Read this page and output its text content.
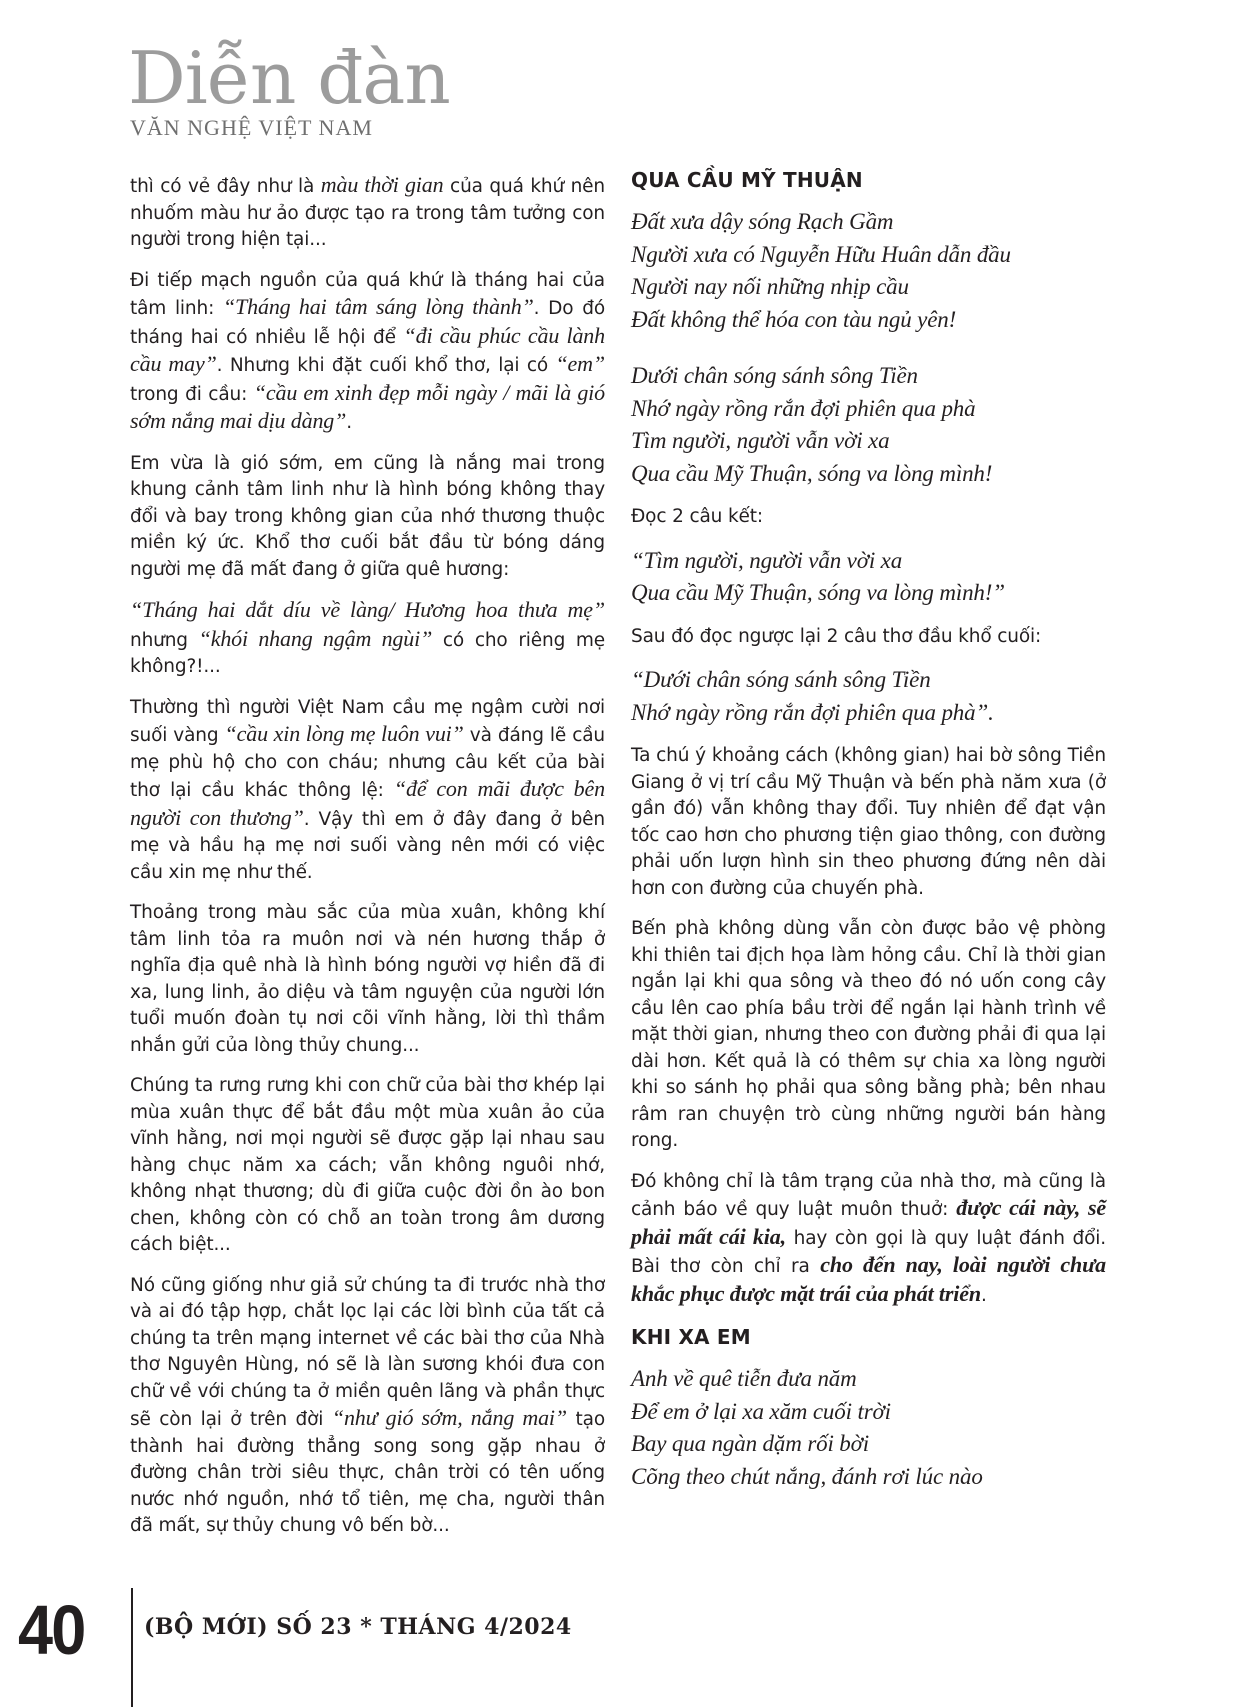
Diễn đàn
VĂN NGHỆ VIỆT NAM

thì có vẻ đây như là màu thời gian của quá khứ nên nhuốm màu hư ảo được tạo ra trong tâm tưởng con người trong hiện tại...

Đi tiếp mạch nguồn của quá khứ là tháng hai của tâm linh: “Tháng hai tâm sáng lòng thành”. Do đó tháng hai có nhiều lễ hội để “đi cầu phúc cầu lành cầu may”. Nhưng khi đặt cuối khổ thơ, lại có “em” trong đi cầu: “cầu em xinh đẹp mỗi ngày / mãi là gió sớm nắng mai dịu dàng”.

Em vừa là gió sớm, em cũng là nắng mai trong khung cảnh tâm linh như là hình bóng không thay đổi và bay trong không gian của nhớ thương thuộc miền ký ức. Khổ thơ cuối bắt đầu từ bóng dáng người mẹ đã mất đang ở giữa quê hương:

“Tháng hai dắt díu về làng/ Hương hoa thưa mẹ” nhưng “khói nhang ngậm ngùi” có cho riêng mẹ không?!...

Thường thì người Việt Nam cầu mẹ ngậm cười nơi suối vàng “cầu xin lòng mẹ luôn vui” và đáng lẽ cầu mẹ phù hộ cho con cháu; nhưng câu kết của bài thơ lại cầu khác thông lệ: “để con mãi được bên người con thương”. Vậy thì em ở đây đang ở bên mẹ và hầu hạ mẹ nơi suối vàng nên mới có việc cầu xin mẹ như thế.

Thoảng trong màu sắc của mùa xuân, không khí tâm linh tỏa ra muôn nơi và nén hương thắp ở nghĩa địa quê nhà là hình bóng người vợ hiền đã đi xa, lung linh, ảo diệu và tâm nguyện của người lớn tuổi muốn đoàn tụ nơi cõi vĩnh hằng, lời thì thầm nhắn gửi của lòng thủy chung...

Chúng ta rưng rưng khi con chữ của bài thơ khép lại mùa xuân thực để bắt đầu một mùa xuân ảo của vĩnh hằng, nơi mọi người sẽ được gặp lại nhau sau hàng chục năm xa cách; vẫn không nguôi nhớ, không nhạt thương; dù đi giữa cuộc đời ồn ào bon chen, không còn có chỗ an toàn trong âm dương cách biệt...

Nó cũng giống như giả sử chúng ta đi trước nhà thơ và ai đó tập hợp, chắt lọc lại các lời bình của tất cả chúng ta trên mạng internet về các bài thơ của Nhà thơ Nguyên Hùng, nó sẽ là làn sương khói đưa con chữ về với chúng ta ở miền quên lãng và phần thực sẽ còn lại ở trên đời “như gió sớm, nắng mai” tạo thành hai đường thẳng song song gặp nhau ở đường chân trời siêu thực, chân trời có tên uống nước nhớ nguồn, nhớ tổ tiên, mẹ cha, người thân đã mất, sự thủy chung vô bến bờ...

QUA CẦU MỸ THUẬN
Đất xưa dậy sóng Rạch Gầm
Người xưa có Nguyễn Hữu Huân dẫn đầu
Người nay nối những nhịp cầu
Đất không thể hóa con tàu ngủ yên!
Dưới chân sóng sánh sông Tiền
Nhớ ngày rồng rắn đợi phiên qua phà
Tìm người, người vẫn vời xa
Qua cầu Mỹ Thuận, sóng va lòng mình!

Đọc 2 câu kết:

“Tìm người, người vẫn vời xa
Qua cầu Mỹ Thuận, sóng va lòng mình!”

Sau đó đọc ngược lại 2 câu thơ đầu khổ cuối:

“Dưới chân sóng sánh sông Tiền
Nhớ ngày rồng rắn đợi phiên qua phà”.

Ta chú ý khoảng cách (không gian) hai bờ sông Tiền Giang ở vị trí cầu Mỹ Thuận và bến phà năm xưa (ở gần đó) vẫn không thay đổi. Tuy nhiên để đạt vận tốc cao hơn cho phương tiện giao thông, con đường phải uốn lượn hình sin theo phương đứng nên dài hơn con đường của chuyến phà.

Bến phà không dùng vẫn còn được bảo vệ phòng khi thiên tai địch họa làm hỏng cầu. Chỉ là thời gian ngắn lại khi qua sông và theo đó nó uốn cong cây cầu lên cao phía bầu trời để ngắn lại hành trình về mặt thời gian, nhưng theo con đường phải đi qua lại dài hơn. Kết quả là có thêm sự chia xa lòng người khi so sánh họ phải qua sông bằng phà; bên nhau râm ran chuyện trò cùng những người bán hàng rong.

Đó không chỉ là tâm trạng của nhà thơ, mà cũng là cảnh báo về quy luật muôn thuở: được cái này, sẽ phải mất cái kia, hay còn gọi là quy luật đánh đổi. Bài thơ còn chỉ ra cho đến nay, loài người chưa khắc phục được mặt trái của phát triển.

KHI XA EM
Anh về quê tiễn đưa năm
Để em ở lại xa xăm cuối trời
Bay qua ngàn dặm rối bời
Cõng theo chút nắng, đánh rơi lúc nào
40	(BỘ MỚI) SỐ 23 * THÁNG 4/2024
